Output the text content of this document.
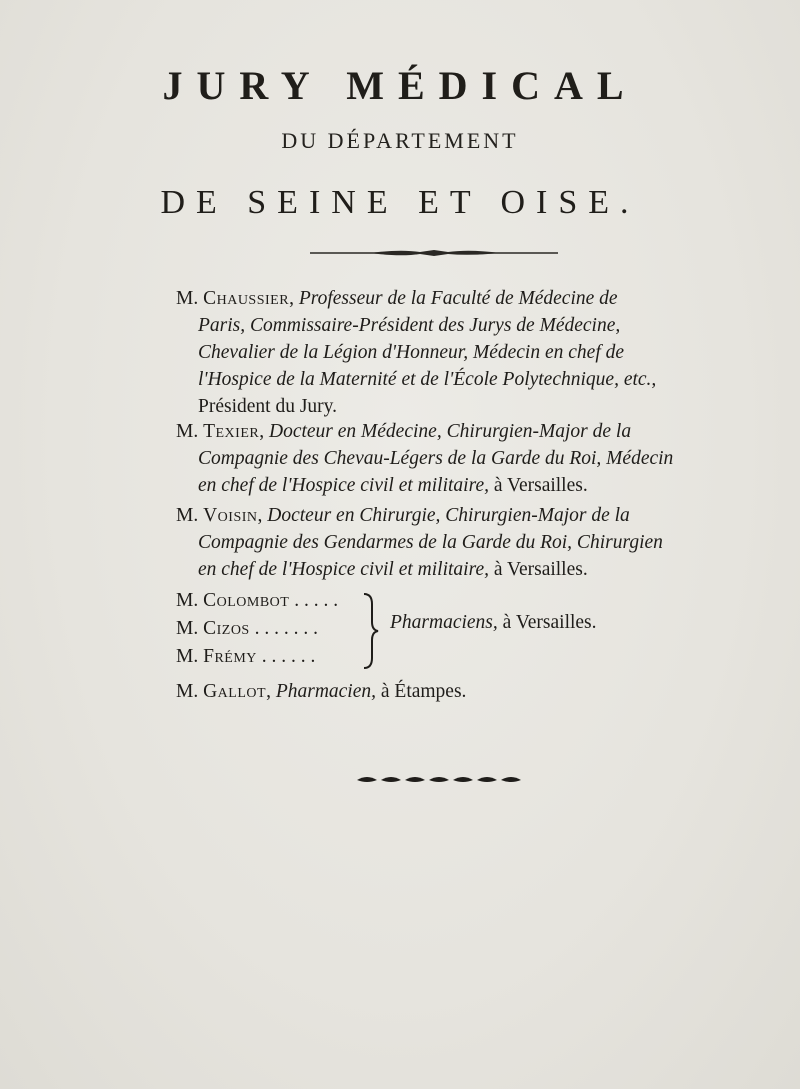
JURY MÉDICAL
DU DÉPARTEMENT
DE SEINE ET OISE.
M. Chaussier, Professeur de la Faculté de Médecine de
Paris, Commissaire-Président des Jurys de Médecine,
Chevalier de la Légion d'Honneur, Médecin en chef de
l'Hospice de la Maternité et de l'École Polytechnique, etc.,
Président du Jury.
M. Texier, Docteur en Médecine, Chirurgien-Major de la
Compagnie des Chevau-Légers de la Garde du Roi, Médecin
en chef de l'Hospice civil et militaire, à Versailles.
M. Voisin, Docteur en Chirurgie, Chirurgien-Major de la
Compagnie des Gendarmes de la Garde du Roi, Chirurgien
en chef de l'Hospice civil et militaire, à Versailles.
M. Colombot . . . . .
M. Cizos . . . . . . .
M. Frémy . . . . . .
Pharmaciens, à Versailles.
M. Gallot, Pharmacien, à Étampes.
